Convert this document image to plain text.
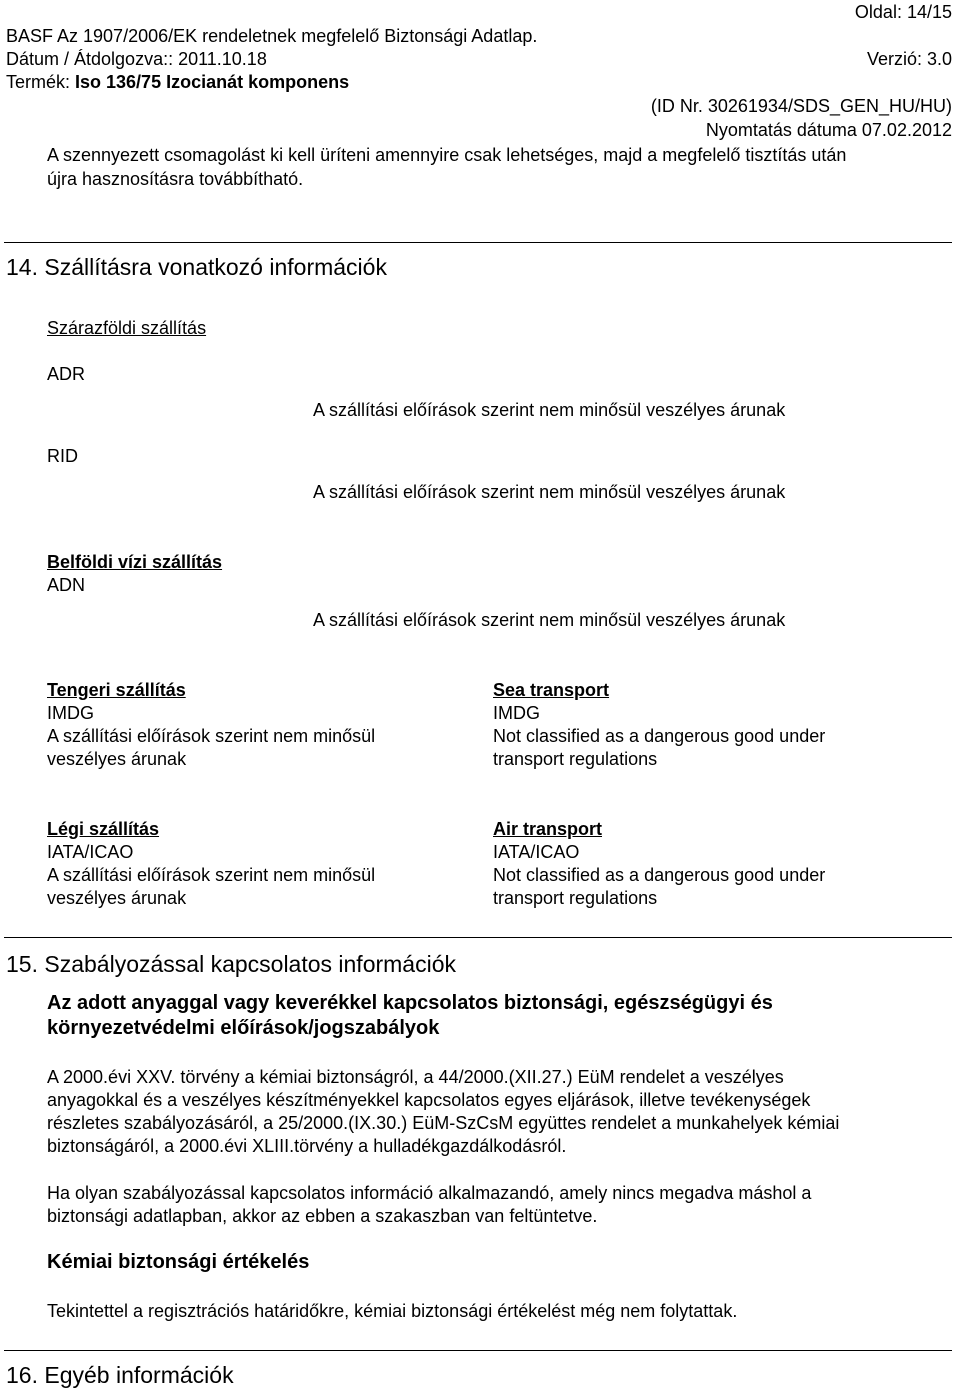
Oldal: 14/15
BASF Az 1907/2006/EK rendeletnek megfelelő Biztonsági Adatlap.
Dátum / Átdolgozva:: 2011.10.18	Verzió: 3.0
Termék: Iso 136/75 Izocianát komponens
(ID Nr. 30261934/SDS_GEN_HU/HU)
Nyomtatás dátuma 07.02.2012
A szennyezett csomagolást ki kell üríteni amennyire csak lehetséges, majd a megfelelő tisztítás után
újra hasznosításra továbbítható.
14. Szállításra vonatkozó információk
Szárazföldi szállítás
ADR
A szállítási előírások szerint nem minősül veszélyes árunak
RID
A szállítási előírások szerint nem minősül veszélyes árunak
Belföldi vízi szállítás
ADN
A szállítási előírások szerint nem minősül veszélyes árunak
Tengeri szállítás
IMDG
A szállítási előírások szerint nem minősül
veszélyes árunak
Sea transport
IMDG
Not classified as a dangerous good under
transport regulations
Légi szállítás
IATA/ICAO
A szállítási előírások szerint nem minősül
veszélyes árunak
Air transport
IATA/ICAO
Not classified as a dangerous good under
transport regulations
15. Szabályozással kapcsolatos információk
Az adott anyaggal vagy keverékkel kapcsolatos biztonsági, egészségügyi és
környezetvédelmi előírások/jogszabályok
A 2000.évi XXV. törvény a kémiai biztonságról, a 44/2000.(XII.27.) EüM rendelet a veszélyes
anyagokkal és a veszélyes készítményekkel kapcsolatos egyes eljárások, illetve tevékenységek
részletes szabályozásáról, a 25/2000.(IX.30.) EüM-SzCsM együttes rendelet a munkahelyek kémiai
biztonságáról, a 2000.évi XLIII.törvény a hulladékgazdálkodásról.
Ha olyan szabályozással kapcsolatos információ alkalmazandó, amely nincs megadva máshol a
biztonsági adatlapban, akkor az ebben a szakaszban van feltüntetve.
Kémiai biztonsági értékelés
Tekintettel a regisztrációs határidőkre, kémiai biztonsági értékelést még nem folytattak.
16. Egyéb információk
